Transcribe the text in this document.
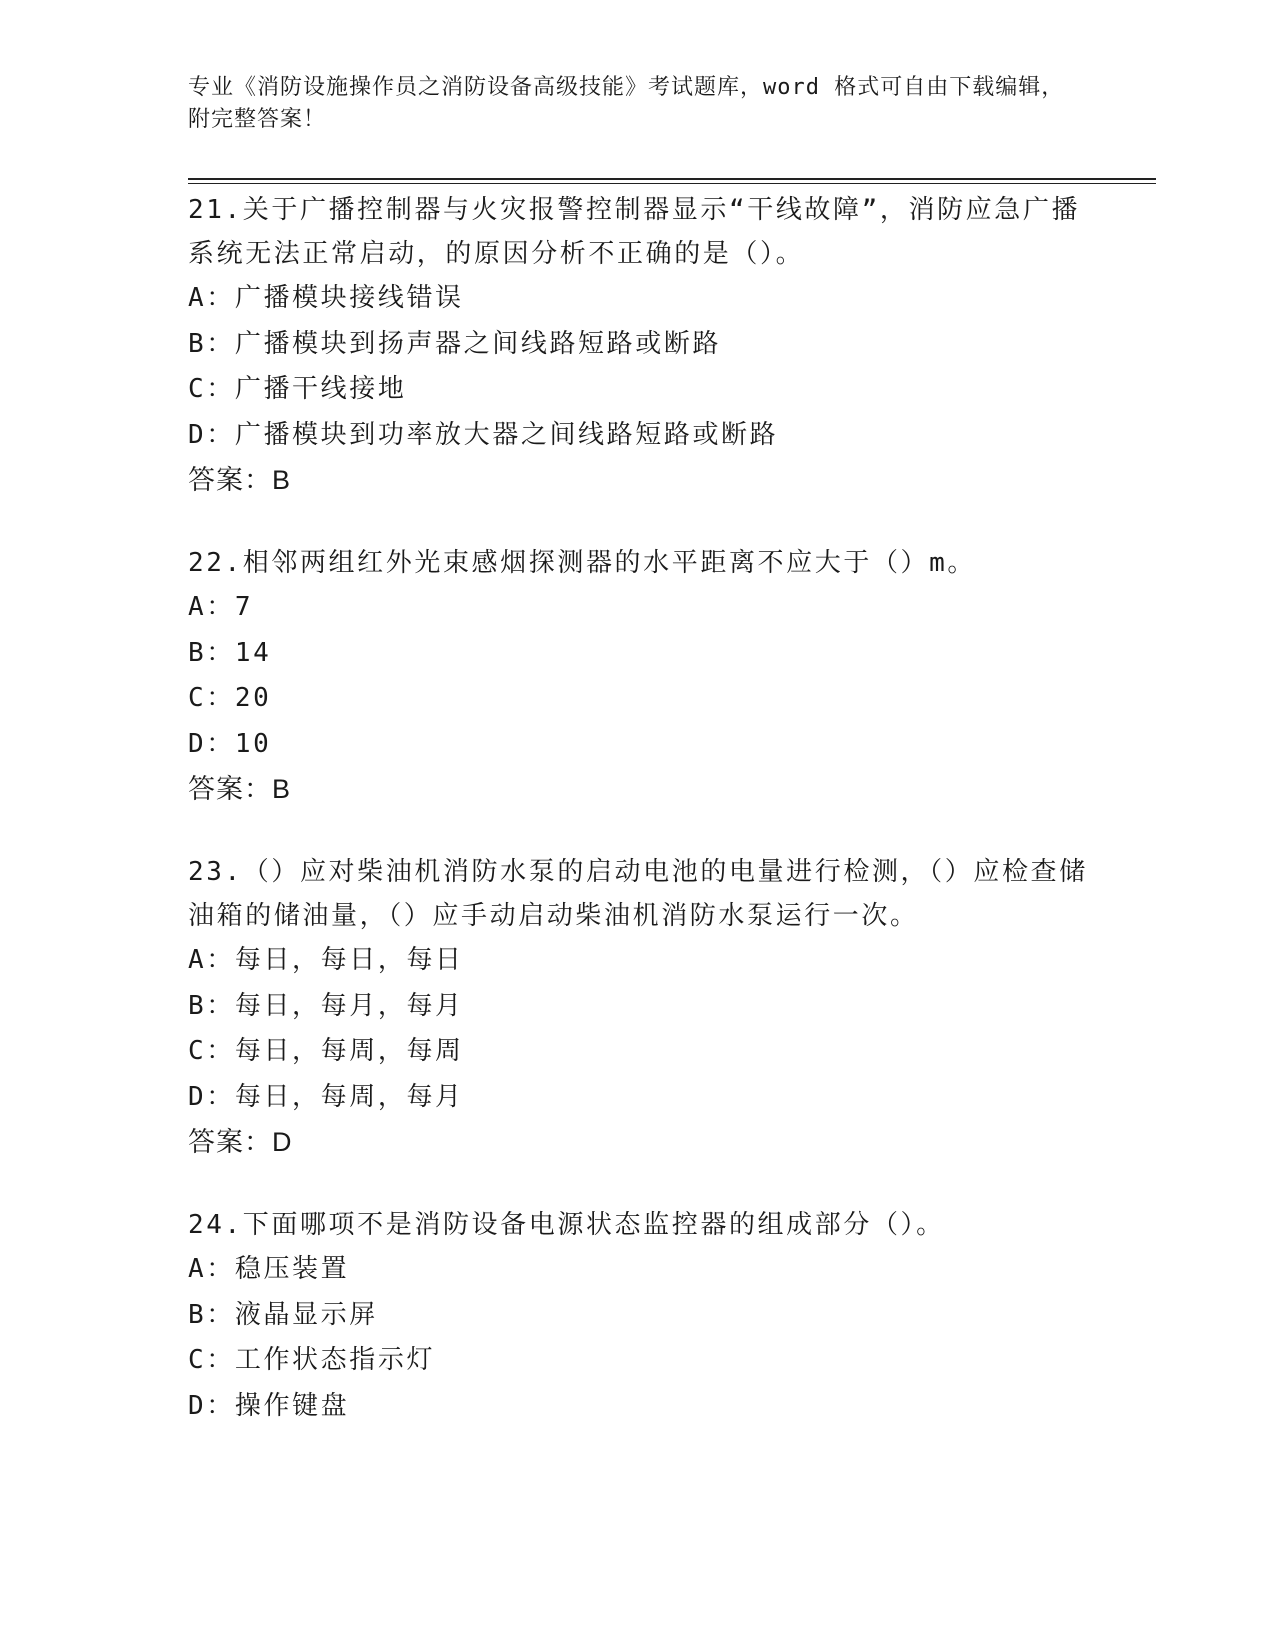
专业《消防设施操作员之消防设备高级技能》考试题库，word 格式可自由下载编辑，附完整答案！

21.关于广播控制器与火灾报警控制器显示“干线故障”，消防应急广播系统无法正常启动，的原因分析不正确的是（）。

A：广播模块接线错误

B：广播模块到扬声器之间线路短路或断路

C：广播干线接地

D：广播模块到功率放大器之间线路短路或断路

答案：B

22.相邻两组红外光束感烟探测器的水平距离不应大于（）m。

A：7

B：14

C：20

D：10

答案：B

23.（）应对柴油机消防水泵的启动电池的电量进行检测，（）应检查储油箱的储油量，（）应手动启动柴油机消防水泵运行一次。

A：每日，每日，每日

B：每日，每月，每月

C：每日，每周，每周

D：每日，每周，每月

答案：D

24.下面哪项不是消防设备电源状态监控器的组成部分（）。

A：稳压装置

B：液晶显示屏

C：工作状态指示灯

D：操作键盘
